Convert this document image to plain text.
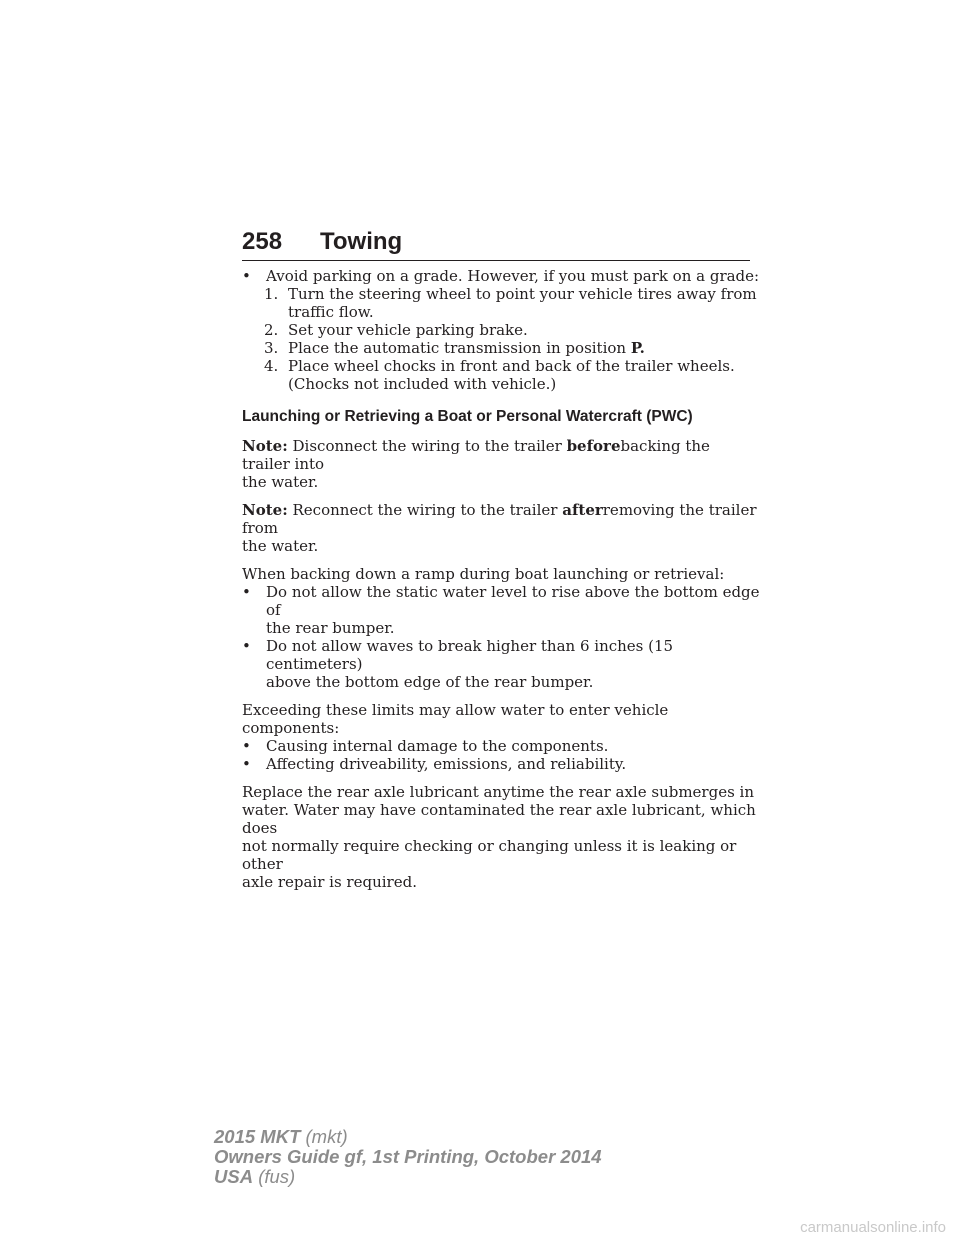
258 Towing
• Avoid parking on a grade. However, if you must park on a grade:
1. Turn the steering wheel to point your vehicle tires away from
traffic flow.
2. Set your vehicle parking brake.
3. Place the automatic transmission in position P.
4. Place wheel chocks in front and back of the trailer wheels.
(Chocks not included with vehicle.)

Launching or Retrieving a Boat or Personal Watercraft (PWC)

Note: Disconnect the wiring to the trailer beforebacking the trailer into
the water.

Note: Reconnect the wiring to the trailer afterremoving the trailer from
the water.

When backing down a ramp during boat launching or retrieval:

• Do not allow the static water level to rise above the bottom edge of
the rear bumper.
• Do not allow waves to break higher than 6 inches (15 centimeters)
above the bottom edge of the rear bumper.

Exceeding these limits may allow water to enter vehicle components:

• Causing internal damage to the components.
• Affecting driveability, emissions, and reliability.

Replace the rear axle lubricant anytime the rear axle submerges in
water. Water may have contaminated the rear axle lubricant, which does
not normally require checking or changing unless it is leaking or other
axle repair is required.

2015 MKT (mkt)
Owners Guide gf, 1st Printing, October 2014
USA (fus)
carmanualsonline.info
